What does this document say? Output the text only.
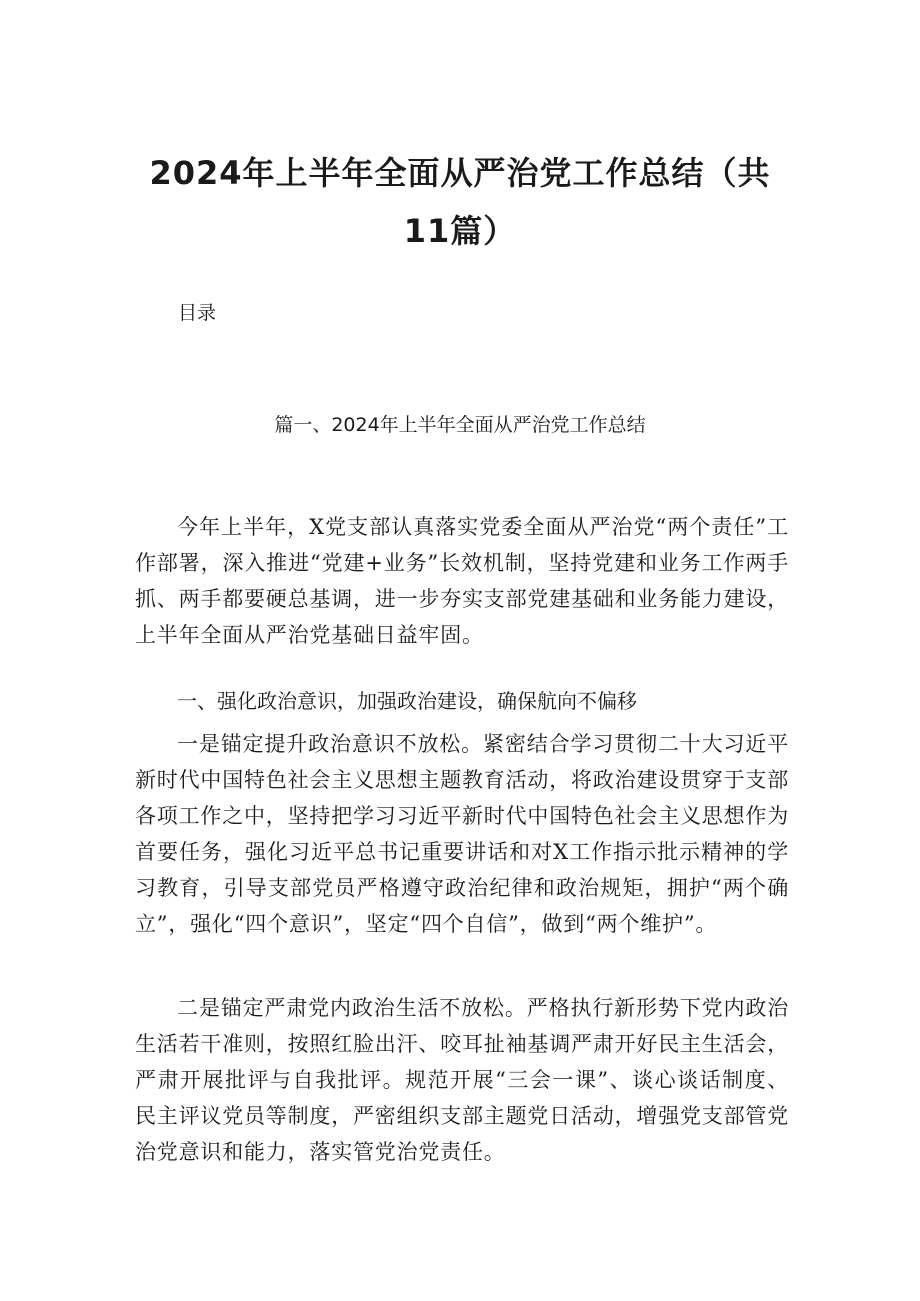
2024年上半年全面从严治党工作总结（共
11篇）
目录
篇一、2024年上半年全面从严治党工作总结

今年上半年，X党支部认真落实党委全面从严治党“两个责任”工作部署，深入推进“党建+业务”长效机制，坚持党建和业务工作两手抓、两手都要硬总基调，进一步夯实支部党建基础和业务能力建设，上半年全面从严治党基础日益牢固。

一、强化政治意识，加强政治建设，确保航向不偏移

一是锚定提升政治意识不放松。紧密结合学习贯彻二十大习近平新时代中国特色社会主义思想主题教育活动，将政治建设贯穿于支部各项工作之中，坚持把学习习近平新时代中国特色社会主义思想作为首要任务，强化习近平总书记重要讲话和对X工作指示批示精神的学习教育，引导支部党员严格遵守政治纪律和政治规矩，拥护“两个确立”，强化“四个意识”，坚定“四个自信”，做到“两个维护”。

二是锚定严肃党内政治生活不放松。严格执行新形势下党内政治生活若干准则，按照红脸出汗、咬耳扯袖基调严肃开好民主生活会，严肃开展批评与自我批评。规范开展“三会一课”、谈心谈话制度、民主评议党员等制度，严密组织支部主题党日活动，增强党支部管党治党意识和能力，落实管党治党责任。
